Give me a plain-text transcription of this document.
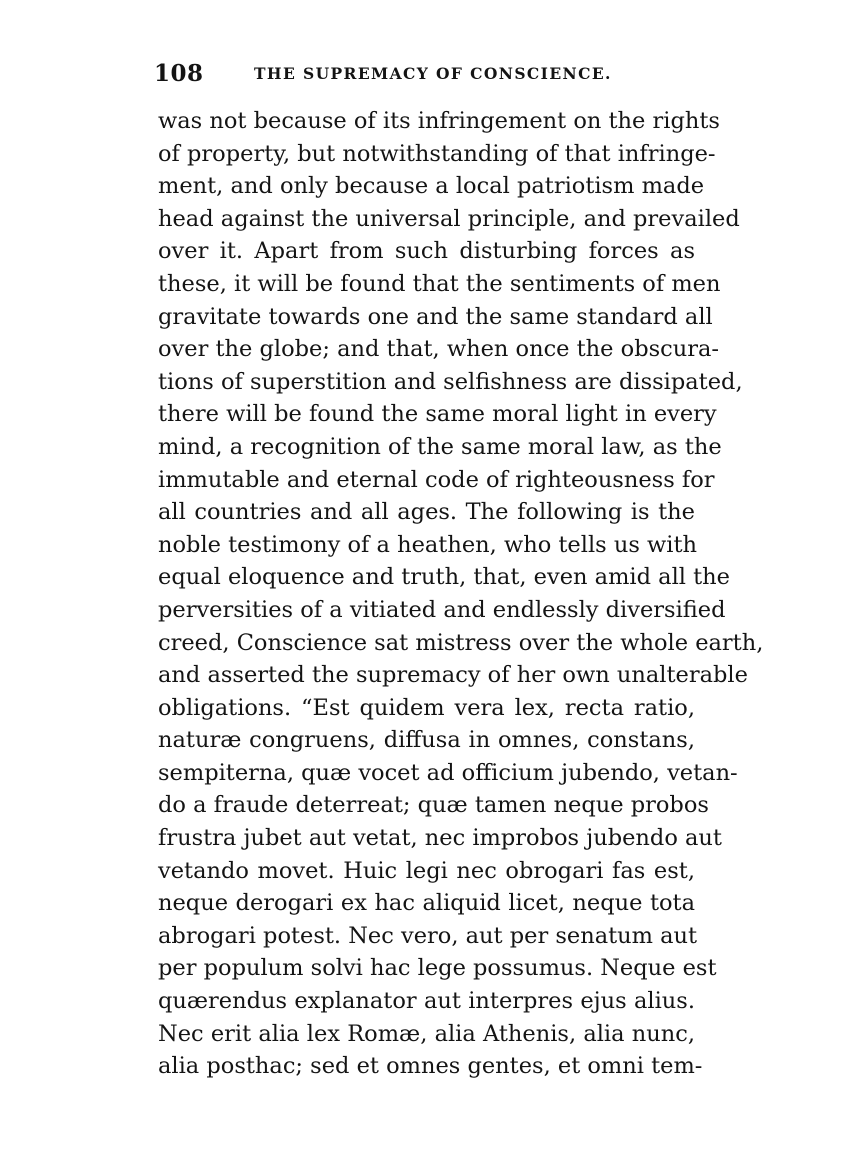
108	THE SUPREMACY OF CONSCIENCE.
was not because of its infringement on the rights
of property, but notwithstanding of that infringe-
ment, and only because a local patriotism made
head against the universal principle, and prevailed
over it. Apart from such disturbing forces as
these, it will be found that the sentiments of men
gravitate towards one and the same standard all
over the globe; and that, when once the obscura-
tions of superstition and selfishness are dissipated,
there will be found the same moral light in every
mind, a recognition of the same moral law, as the
immutable and eternal code of righteousness for
all countries and all ages. The following is the
noble testimony of a heathen, who tells us with
equal eloquence and truth, that, even amid all the
perversities of a vitiated and endlessly diversified
creed, Conscience sat mistress over the whole earth,
and asserted the supremacy of her own unalterable
obligations. “Est quidem vera lex, recta ratio,
naturæ congruens, diffusa in omnes, constans,
sempiterna, quæ vocet ad officium jubendo, vetan-
do a fraude deterreat; quæ tamen neque probos
frustra jubet aut vetat, nec improbos jubendo aut
vetando movet. Huic legi nec obrogari fas est,
neque derogari ex hac aliquid licet, neque tota
abrogari potest. Nec vero, aut per senatum aut
per populum solvi hac lege possumus. Neque est
quærendus explanator aut interpres ejus alius.
Nec erit alia lex Romæ, alia Athenis, alia nunc,
alia posthac; sed et omnes gentes, et omni tem-
